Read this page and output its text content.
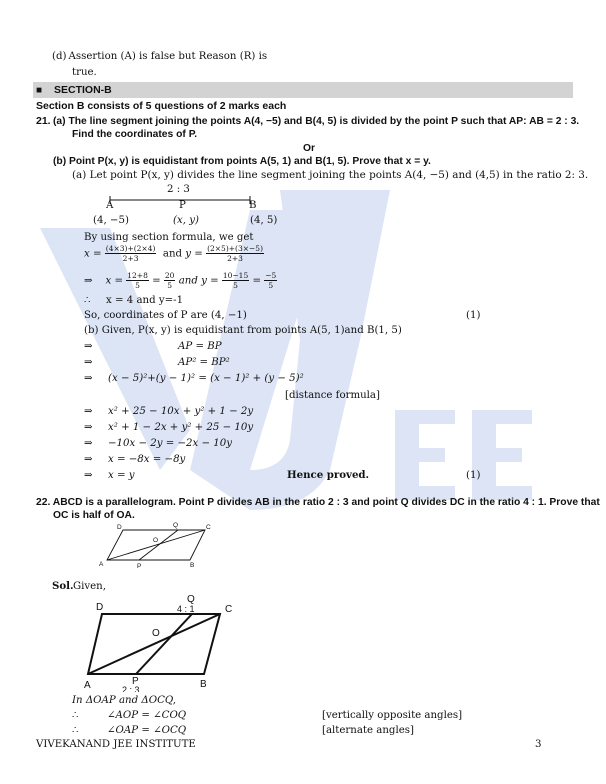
(d) Assertion (A) is false but Reason (R) is
true.
■ SECTION-B
Section B consists of 5 questions of 2 marks each
21. (a) The line segment joining the points A(4, −5) and B(4, 5) is divided by the point P such that AP: AB = 2 : 3.
Find the coordinates of P.
Or
(b) Point P(x, y) is equidistant from points A(5, 1) and B(1, 5). Prove that x = y.
(a) Let point P(x, y) divides the line segment joining the points A(4, −5) and (4,5) in the ratio 2: 3.
2 : 3
A	P	B
(4, −5)	(x, y)	(4, 5)
By using section formula, we get
$x = \frac{(4\times 3)+(2\times 4)}{2+3}$ and $y = \frac{(2\times 5)+(3\times-5)}{2+3}$
⇒    $x = \frac{12+8}{5} = \frac{20}{5}$ and $y = \frac{10-15}{5} = \frac{-5}{5}$
∴ x = 4 and y=-1
So, coordinates of P are (4, −1)	(1)
(b) Given, P(x, y) is equidistant from points A(5, 1)and B(1, 5)
⇒	AP = BP
⇒	AP² = BP²
⇒ (x − 5)²+(y − 1)² = (x − 1)² + (y − 5)²
[distance formula]
⇒ x² + 25 − 10x + y² + 1 − 2y
⇒ x² + 1 − 2x + y² + 25 − 10y
⇒ −10x − 2y = −2x − 10y
⇒ x = −8x = −8y
⇒ x = y	Hence proved.	(1)
22. ABCD is a parallelogram. Point P divides AB in the ratio 2 : 3 and point Q divides DC in the ratio 4 : 1. Prove that
OC is half of OA.
A	B
C
D
P
Q
O
Sol. Given,
A	B
C
D
P
Q
O
4 : 1
2 : 3
In ΔOAP and ΔOCQ,
∴	∠AOP = ∠COQ	[vertically opposite angles]
∴	∠OAP = ∠OCQ	[alternate angles]
VIVEKANAND JEE INSTITUTE	3
